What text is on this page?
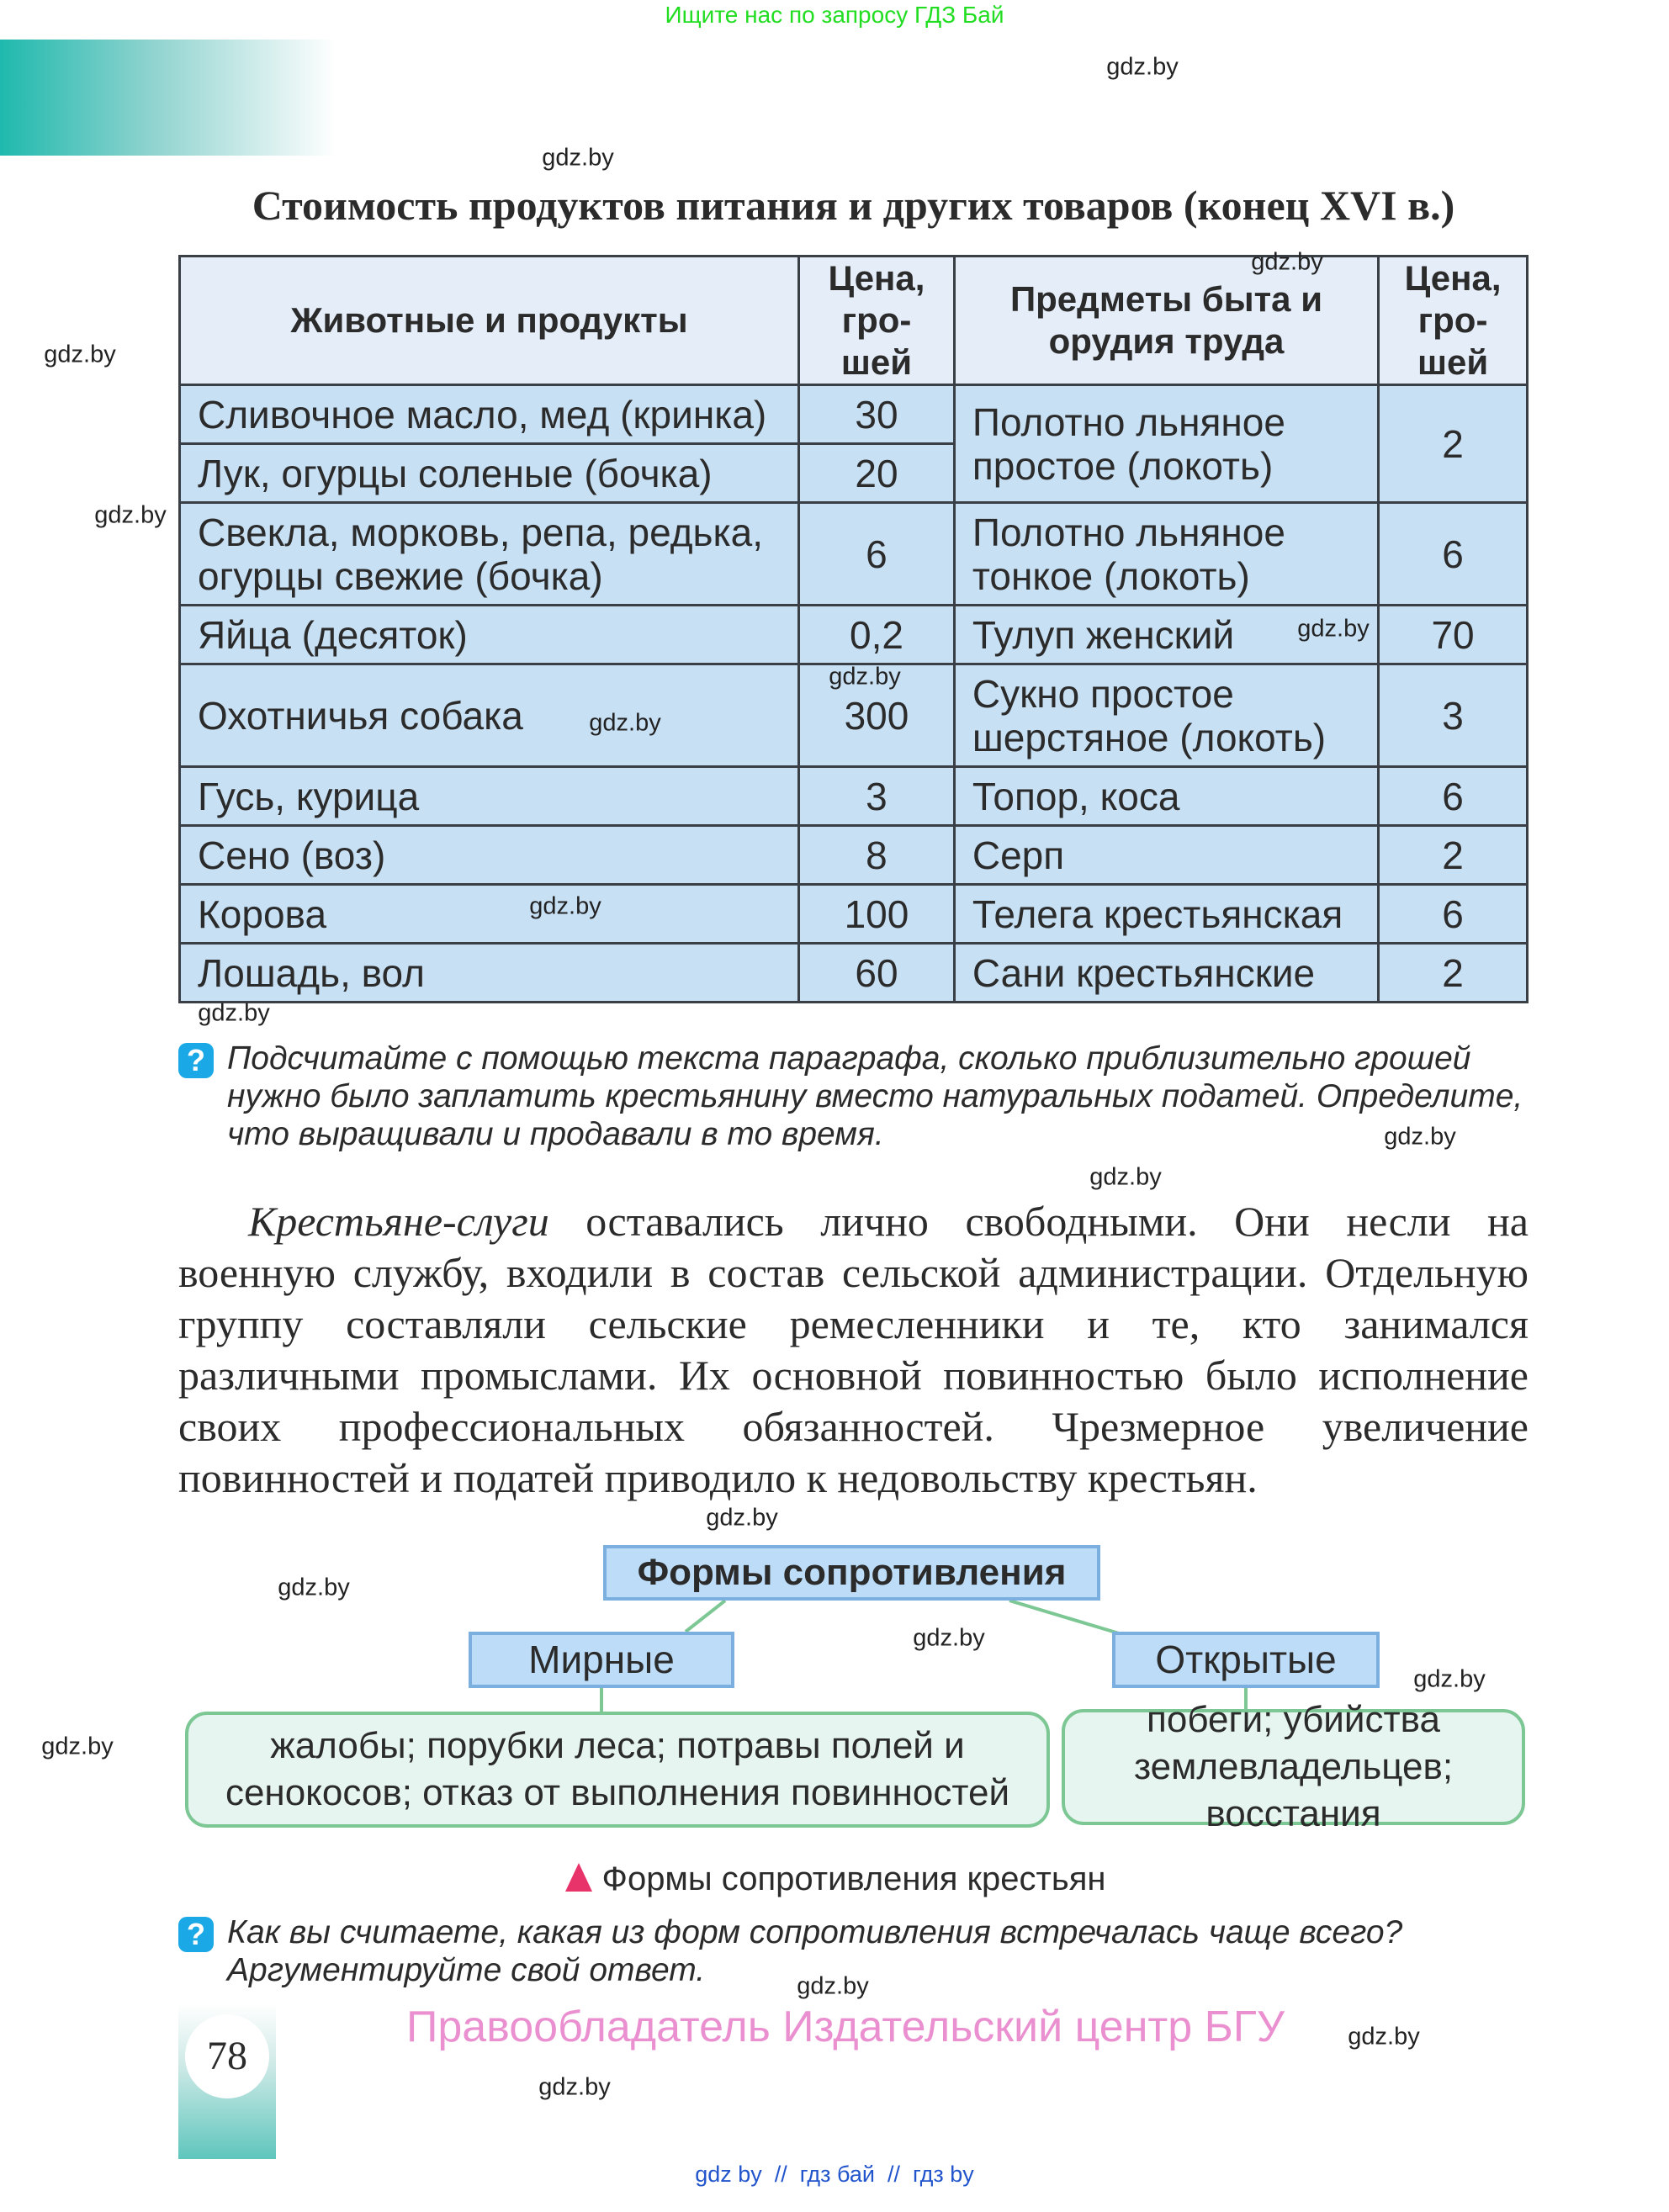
Ищите нас по запросу ГДЗ Бай
Стоимость продуктов питания и других товаров (конец XVI в.)
Животные и продукты	Цена, гро-шей	Предметы быта и орудия труда	Цена, гро-шей
Сливочное масло, мед (кринка)	30	Полотно льняное простое (локоть)	2
Лук, огурцы соленые (бочка)	20		
Свекла, морковь, репа, редька, огурцы свежие (бочка)	6	Полотно льняное тонкое (локоть)	6
Яйца (десяток)	0,2	Тулуп женский	70
Охотничья собака	300	Сукно простое шерстяное (локоть)	3
Гусь, курица	3	Топор, коса	6
Сено (воз)	8	Серп	2
Корова	100	Телега крестьянская	6
Лошадь, вол	60	Сани крестьянские	2
? Подсчитайте с помощью текста параграфа, сколько приблизительно грошей нужно было заплатить крестьянину вместо натуральных податей. Определите, что выращивали и продавали в то время.
Крестьяне-слуги оставались лично свободными. Они несли на военную службу, входили в состав сельской администрации. Отдельную группу составляли сельские ремесленники и те, кто занимался различными промыслами. Их основной повинностью было исполнение своих профессиональных обязанностей. Чрезмерное увеличение повинностей и податей приводило к недовольству крестьян.
Формы сопротивления
Мирные	Открытые
жалобы; порубки леса; потравы полей и сенокосов; отказ от выполнения повинностей
побеги; убийства землевладельцев; восстания
Формы сопротивления крестьян
? Как вы считаете, какая из форм сопротивления встречалась чаще всего? Аргументируйте свой ответ.
78
Правообладатель Издательский центр БГУ
gdz.by
gdz.by
gdz.by
gdz.by
gdz.by
gdz.by
gdz.by
gdz.by
gdz.by
gdz.by
gdz.by
gdz.by
gdz.by
gdz.by
gdz.by
gdz.by
gdz.by
gdz.by
gdz.by
gdz.by
gdz by  //  гдз бай  //  гдз by
